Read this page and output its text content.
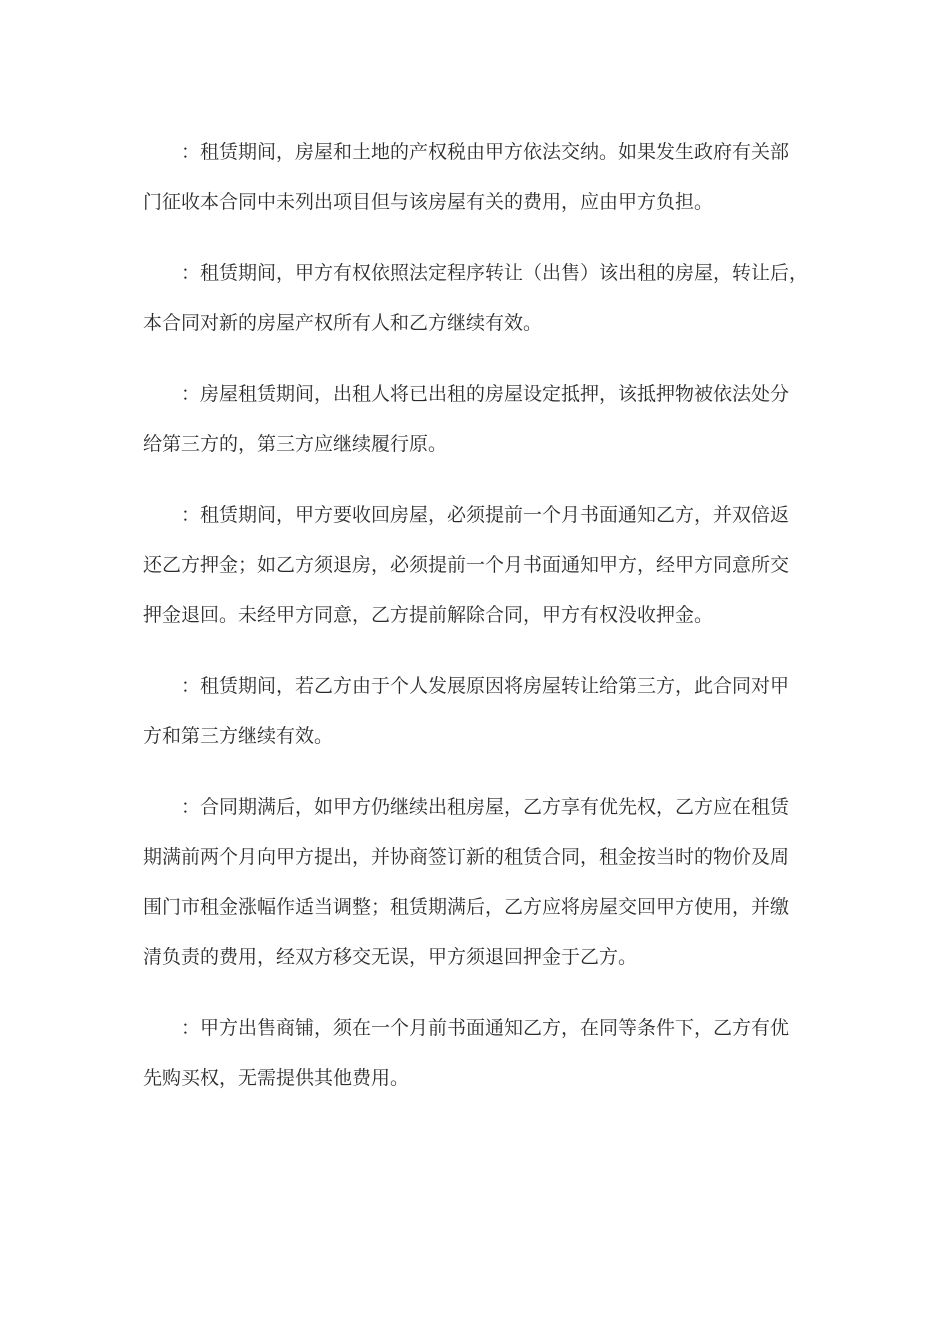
：租赁期间，房屋和土地的产权税由甲方依法交纳。如果发生政府有关部
门征收本合同中未列出项目但与该房屋有关的费用，应由甲方负担。
：租赁期间，甲方有权依照法定程序转让（出售）该出租的房屋，转让后，
本合同对新的房屋产权所有人和乙方继续有效。
：房屋租赁期间，出租人将已出租的房屋设定抵押，该抵押物被依法处分
给第三方的，第三方应继续履行原。
：租赁期间，甲方要收回房屋，必须提前一个月书面通知乙方，并双倍返
还乙方押金；如乙方须退房，必须提前一个月书面通知甲方，经甲方同意所交
押金退回。未经甲方同意，乙方提前解除合同，甲方有权没收押金。
：租赁期间，若乙方由于个人发展原因将房屋转让给第三方，此合同对甲
方和第三方继续有效。
：合同期满后，如甲方仍继续出租房屋，乙方享有优先权，乙方应在租赁
期满前两个月向甲方提出，并协商签订新的租赁合同，租金按当时的物价及周
围门市租金涨幅作适当调整；租赁期满后，乙方应将房屋交回甲方使用，并缴
清负责的费用，经双方移交无误，甲方须退回押金于乙方。
：甲方出售商铺，须在一个月前书面通知乙方，在同等条件下，乙方有优
先购买权，无需提供其他费用。
